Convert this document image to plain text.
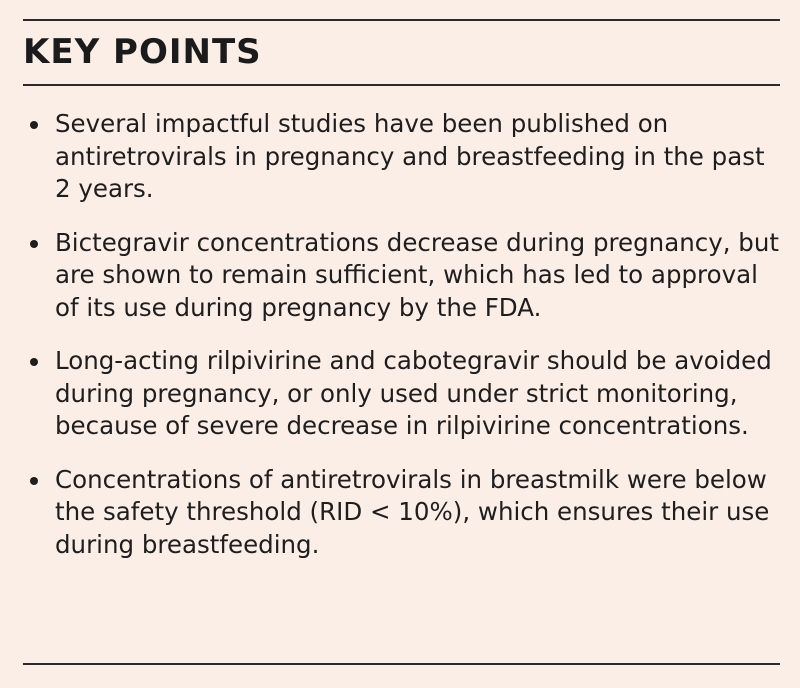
KEY POINTS
Several impactful studies have been published on antiretrovirals in pregnancy and breastfeeding in the past 2 years.
Bictegravir concentrations decrease during pregnancy, but are shown to remain sufficient, which has led to approval of its use during pregnancy by the FDA.
Long-acting rilpivirine and cabotegravir should be avoided during pregnancy, or only used under strict monitoring, because of severe decrease in rilpivirine concentrations.
Concentrations of antiretrovirals in breastmilk were below the safety threshold (RID < 10%), which ensures their use during breastfeeding.
